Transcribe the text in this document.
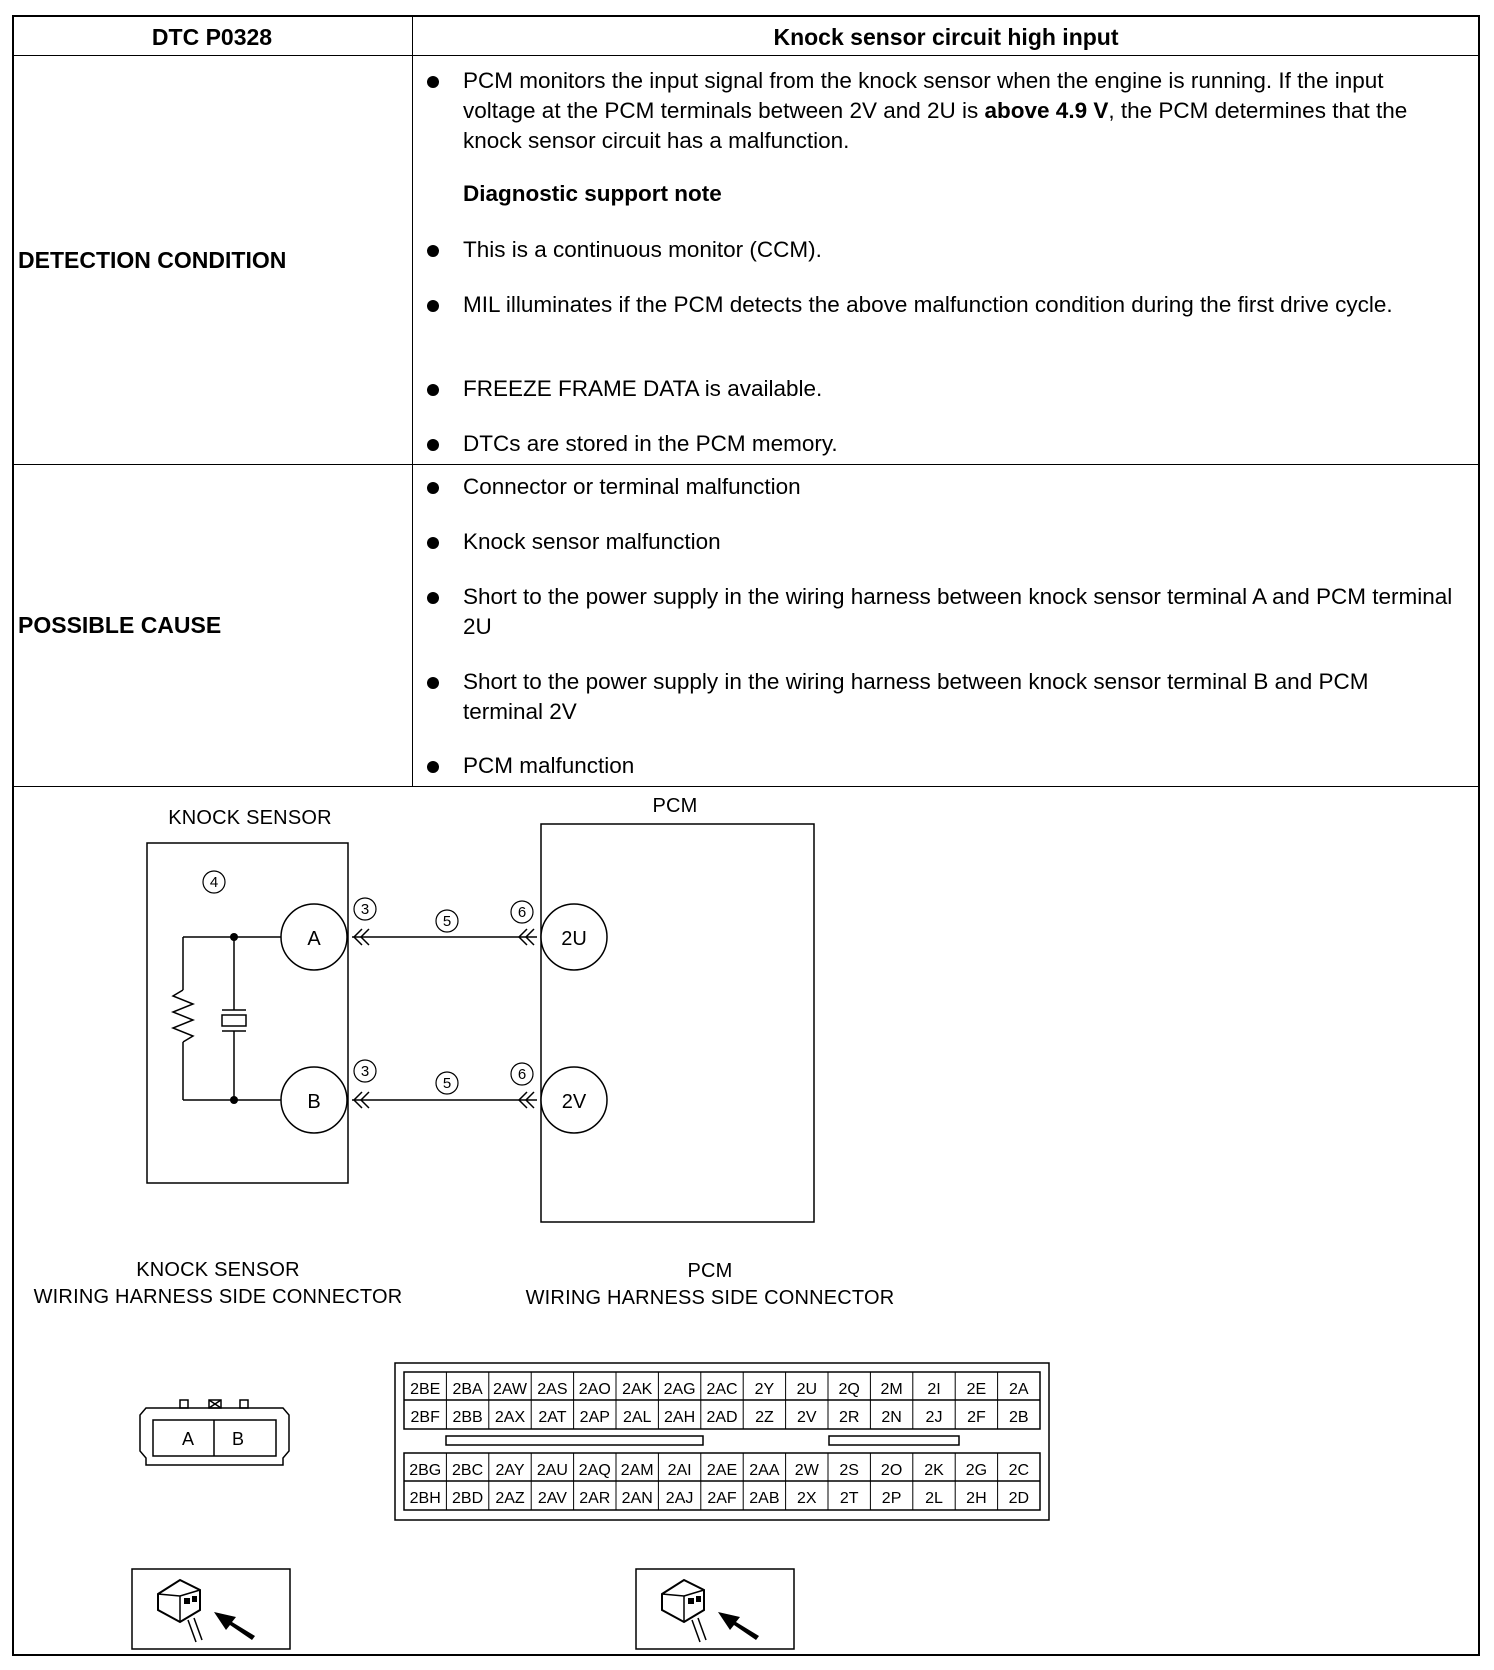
DTC P0328	Knock sensor circuit high input
DETECTION CONDITION
PCM monitors the input signal from the knock sensor when the engine is running. If the input voltage at the PCM terminals between 2V and 2U is above 4.9 V, the PCM determines that the knock sensor circuit has a malfunction.
Diagnostic support note
This is a continuous monitor (CCM).
MIL illuminates if the PCM detects the above malfunction condition during the first drive cycle.
FREEZE FRAME DATA is available.
DTCs are stored in the PCM memory.
POSSIBLE CAUSE
Connector or terminal malfunction
Knock sensor malfunction
Short to the power supply in the wiring harness between knock sensor terminal A and PCM terminal 2U
Short to the power supply in the wiring harness between knock sensor terminal B and PCM terminal 2V
PCM malfunction
KNOCK SENSOR
PCM
A
B
2U
2V
4
3
5
6
3
5
6
A B
2BE 2BA 2AW 2AS 2AO 2AK 2AG 2AC 2Y 2U 2Q 2M 2I 2E 2A
2BF 2BB 2AX 2AT 2AP 2AL 2AH 2AD 2Z 2V 2R 2N 2J 2F 2B
2BG 2BC 2AY 2AU 2AQ 2AM 2AI 2AE 2AA 2W 2S 2O 2K 2G 2C
2BH 2BD 2AZ 2AV 2AR 2AN 2AJ 2AF 2AB 2X 2T 2P 2L 2H 2D
KNOCK SENSOR
WIRING HARNESS SIDE CONNECTOR
PCM
WIRING HARNESS SIDE CONNECTOR
